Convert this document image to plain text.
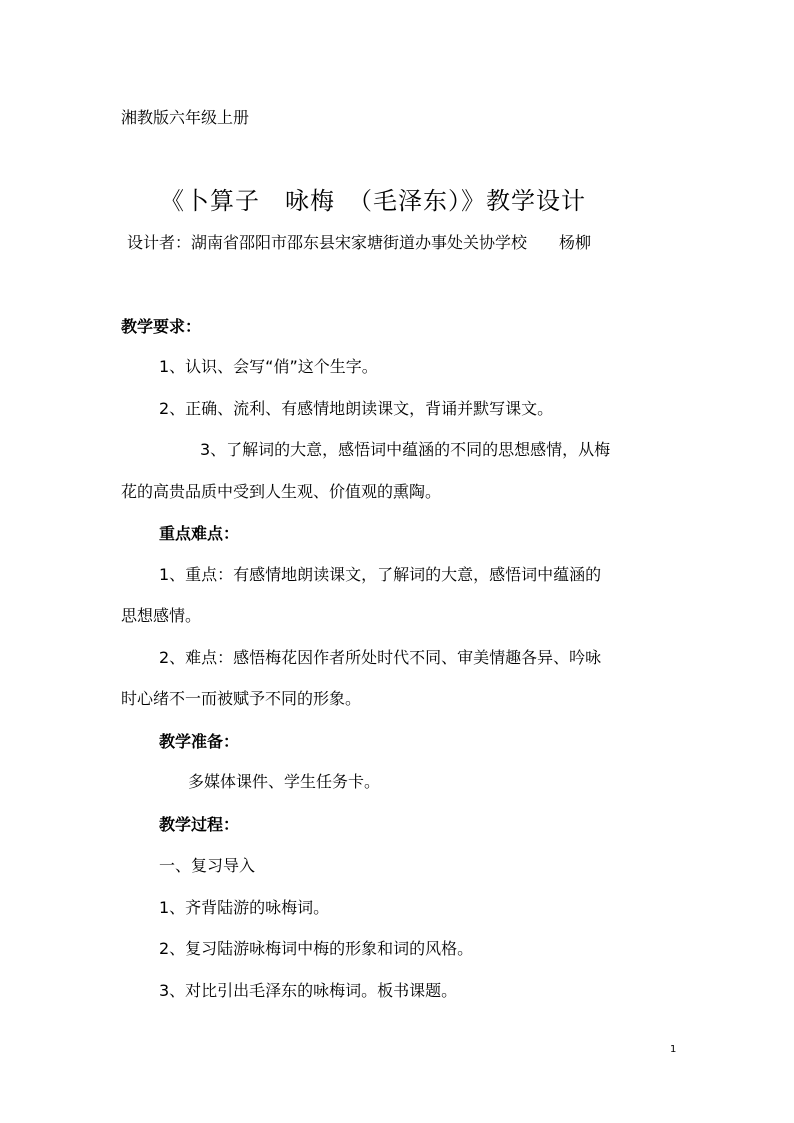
湘教版六年级上册
《卜算子　咏梅　（毛泽东）》教学设计
设计者：湖南省邵阳市邵东县宋家塘街道办事处关协学校　　杨柳
教学要求：
1、认识、会写“俏”这个生字。
2、正确、流利、有感情地朗读课文，背诵并默写课文。
3、了解词的大意，感悟词中蕴涵的不同的思想感情，从梅
花的高贵品质中受到人生观、价值观的熏陶。
重点难点：
1、重点：有感情地朗读课文，了解词的大意，感悟词中蕴涵的
思想感情。
2、难点：感悟梅花因作者所处时代不同、审美情趣各异、吟咏
时心绪不一而被赋予不同的形象。
教学准备：
多媒体课件、学生任务卡。
教学过程：
一、复习导入
1、齐背陆游的咏梅词。
2、复习陆游咏梅词中梅的形象和词的风格。
3、对比引出毛泽东的咏梅词。板书课题。
1
